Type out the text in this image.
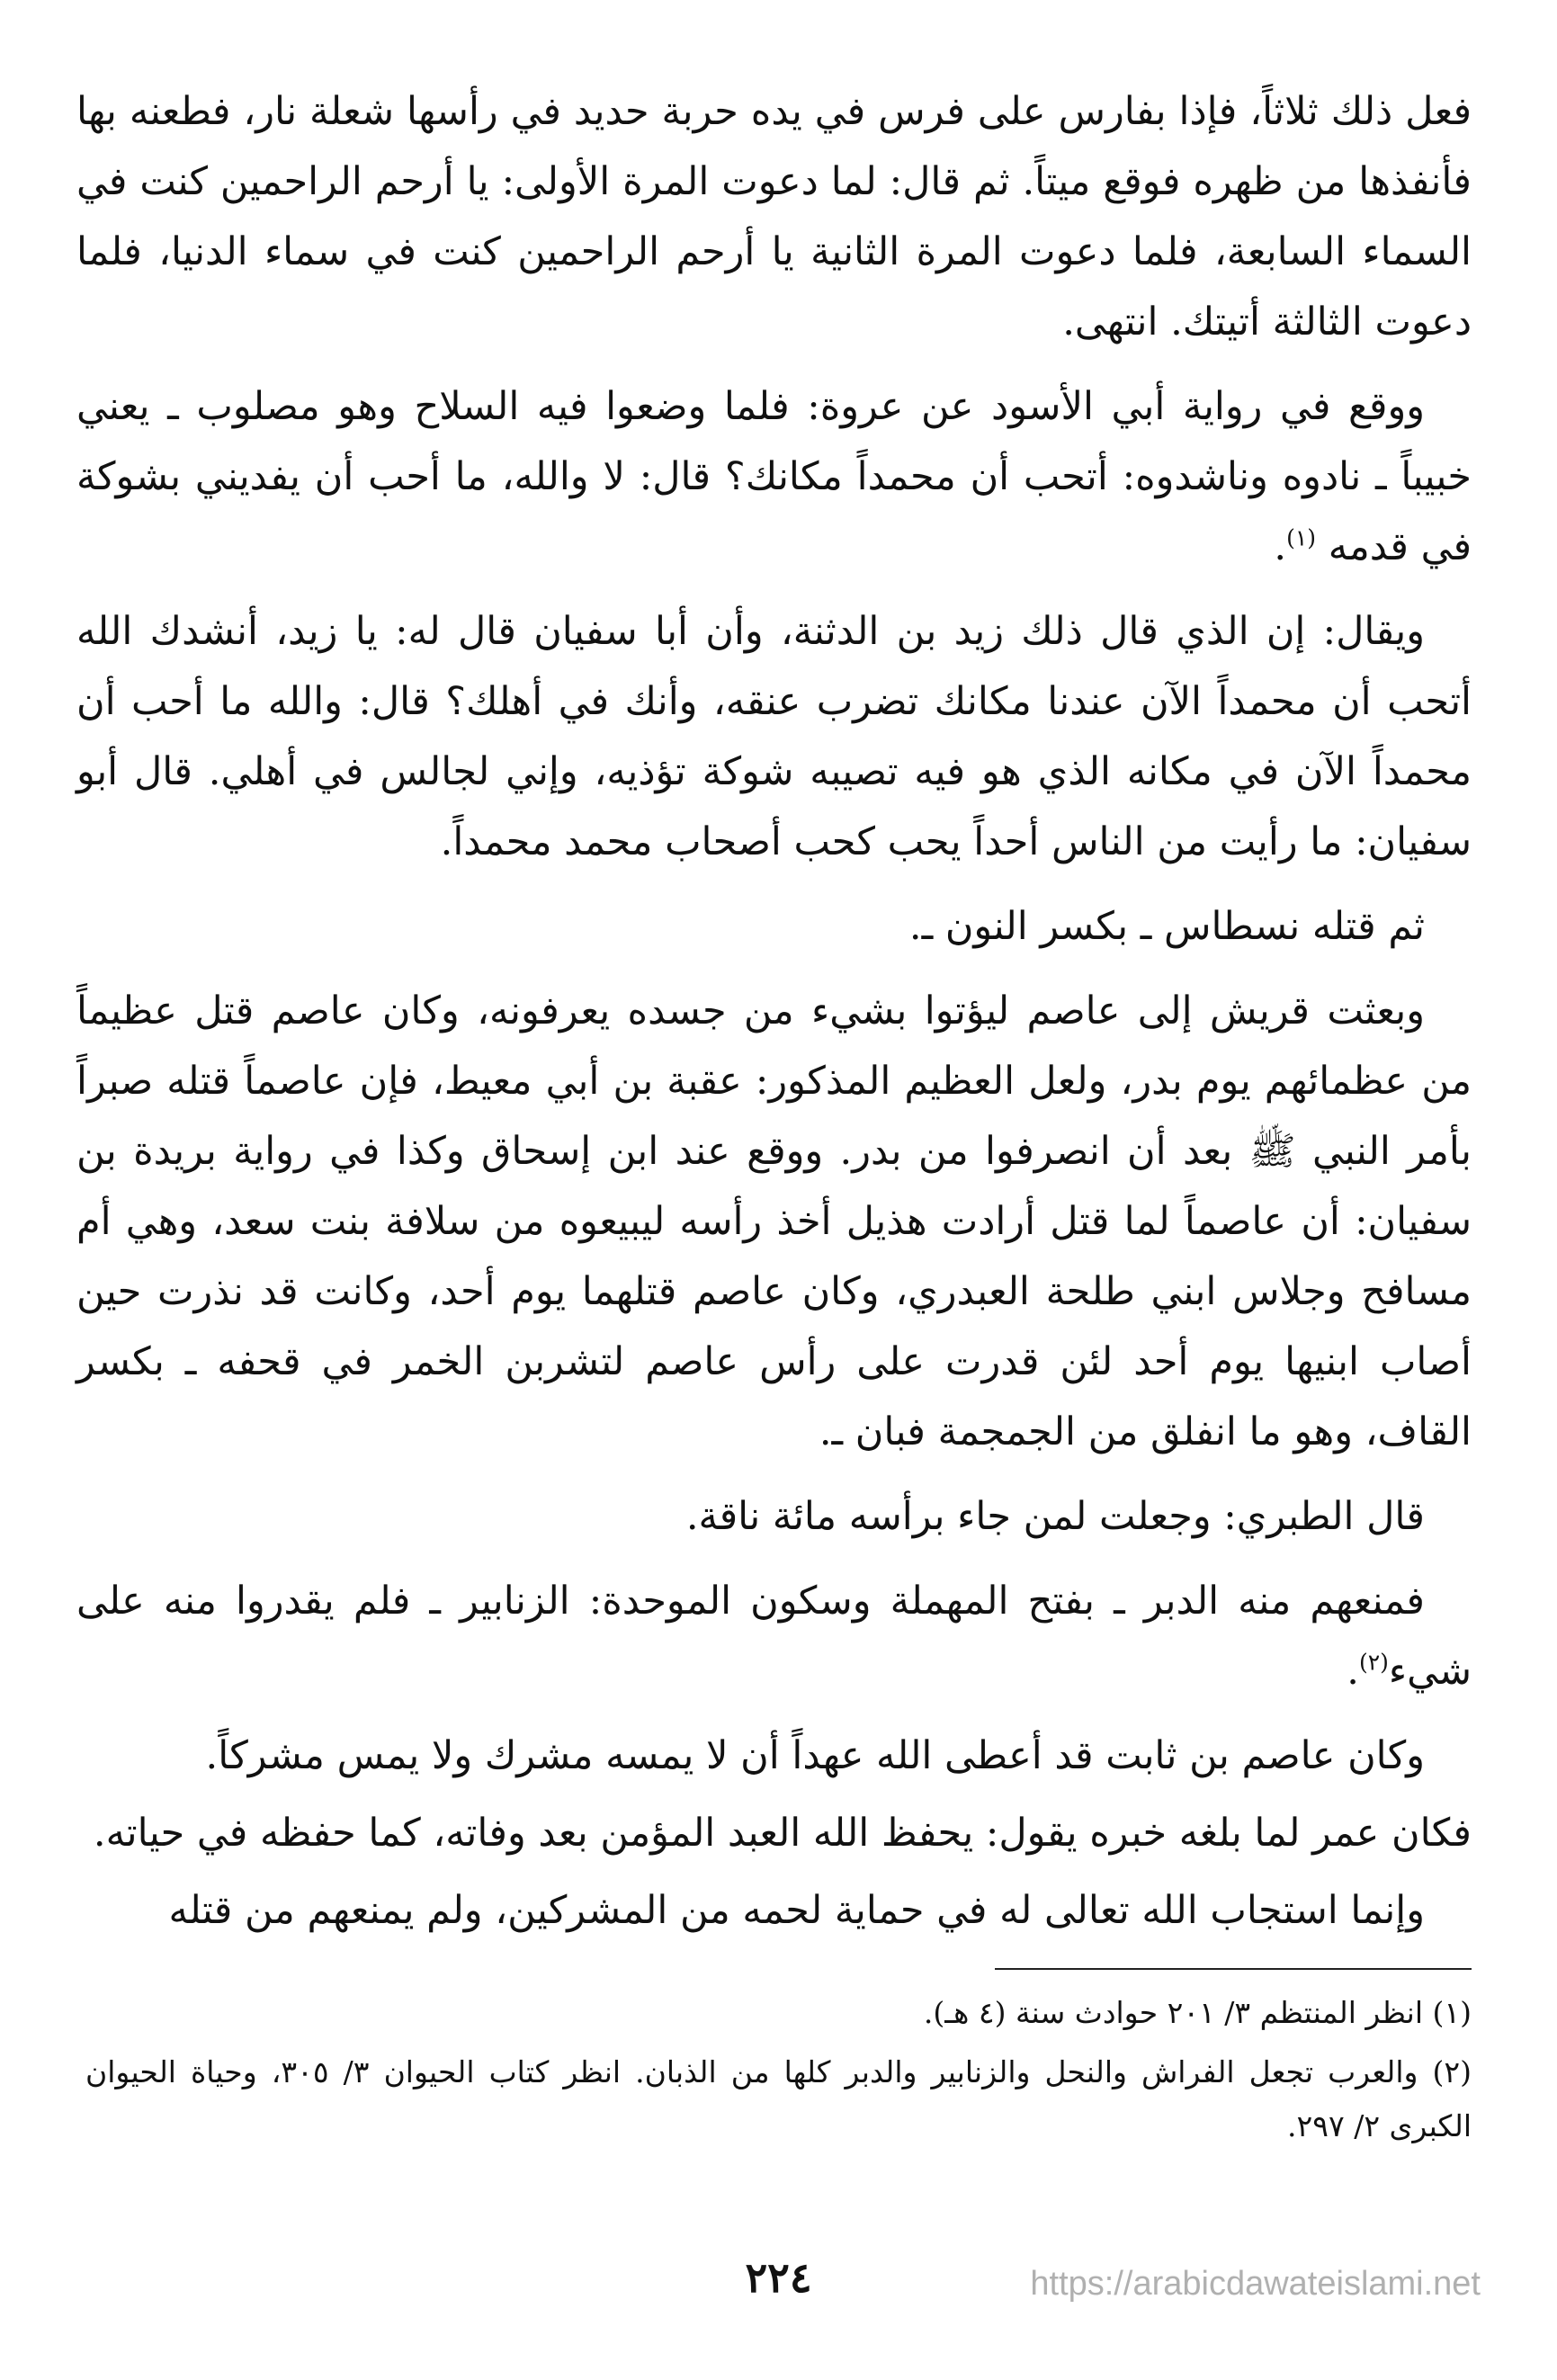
فعل ذلك ثلاثاً، فإذا بفارس على فرس في يده حربة حديد في رأسها شعلة نار، فطعنه بها فأنفذها من ظهره فوقع ميتاً. ثم قال: لما دعوت المرة الأولى: يا أرحم الراحمين كنت في السماء السابعة، فلما دعوت المرة الثانية يا أرحم الراحمين كنت في سماء الدنيا، فلما دعوت الثالثة أتيتك. انتهى.

ووقع في رواية أبي الأسود عن عروة: فلما وضعوا فيه السلاح وهو مصلوب ـ يعني خبيباً ـ نادوه وناشدوه: أتحب أن محمداً مكانك؟ قال: لا والله، ما أحب أن يفديني بشوكة في قدمه $^{(١)}$.

ويقال: إن الذي قال ذلك زيد بن الدثنة، وأن أبا سفيان قال له: يا زيد، أنشدك الله أتحب أن محمداً الآن عندنا مكانك تضرب عنقه، وأنك في أهلك؟ قال: والله ما أحب أن محمداً الآن في مكانه الذي هو فيه تصيبه شوكة تؤذيه، وإني لجالس في أهلي. قال أبو سفيان: ما رأيت من الناس أحداً يحب كحب أصحاب محمد محمداً.

ثم قتله نسطاس ـ بكسر النون ـ.

وبعثت قريش إلى عاصم ليؤتوا بشيء من جسده يعرفونه، وكان عاصم قتل عظيماً من عظمائهم يوم بدر، ولعل العظيم المذكور: عقبة بن أبي معيط، فإن عاصماً قتله صبراً بأمر النبي ﷺ بعد أن انصرفوا من بدر. ووقع عند ابن إسحاق وكذا في رواية بريدة بن سفيان: أن عاصماً لما قتل أرادت هذيل أخذ رأسه ليبيعوه من سلافة بنت سعد، وهي أم مسافح وجلاس ابني طلحة العبدري، وكان عاصم قتلهما يوم أحد، وكانت قد نذرت حين أصاب ابنيها يوم أحد لئن قدرت على رأس عاصم لتشربن الخمر في قحفه ـ بكسر القاف، وهو ما انفلق من الجمجمة فبان ـ.

قال الطبري: وجعلت لمن جاء برأسه مائة ناقة.

فمنعهم منه الدبر ـ بفتح المهملة وسكون الموحدة: الزنابير ـ فلم يقدروا منه على شيء$^{(٢)}$.

وكان عاصم بن ثابت قد أعطى الله عهداً أن لا يمسه مشرك ولا يمس مشركاً.

فكان عمر لما بلغه خبره يقول: يحفظ الله العبد المؤمن بعد وفاته، كما حفظه في حياته.

وإنما استجاب الله تعالى له في حماية لحمه من المشركين، ولم يمنعهم من قتله

(١) انظر المنتظم ٣/ ٢٠١ حوادث سنة (٤ هـ).

(٢) والعرب تجعل الفراش والنحل والزنابير والدبر كلها من الذبان. انظر كتاب الحيوان ٣/ ٣٠٥، وحياة الحيوان الكبرى ٢/ ٢٩٧.

٢٢٤	https://arabicdawateislami.net
